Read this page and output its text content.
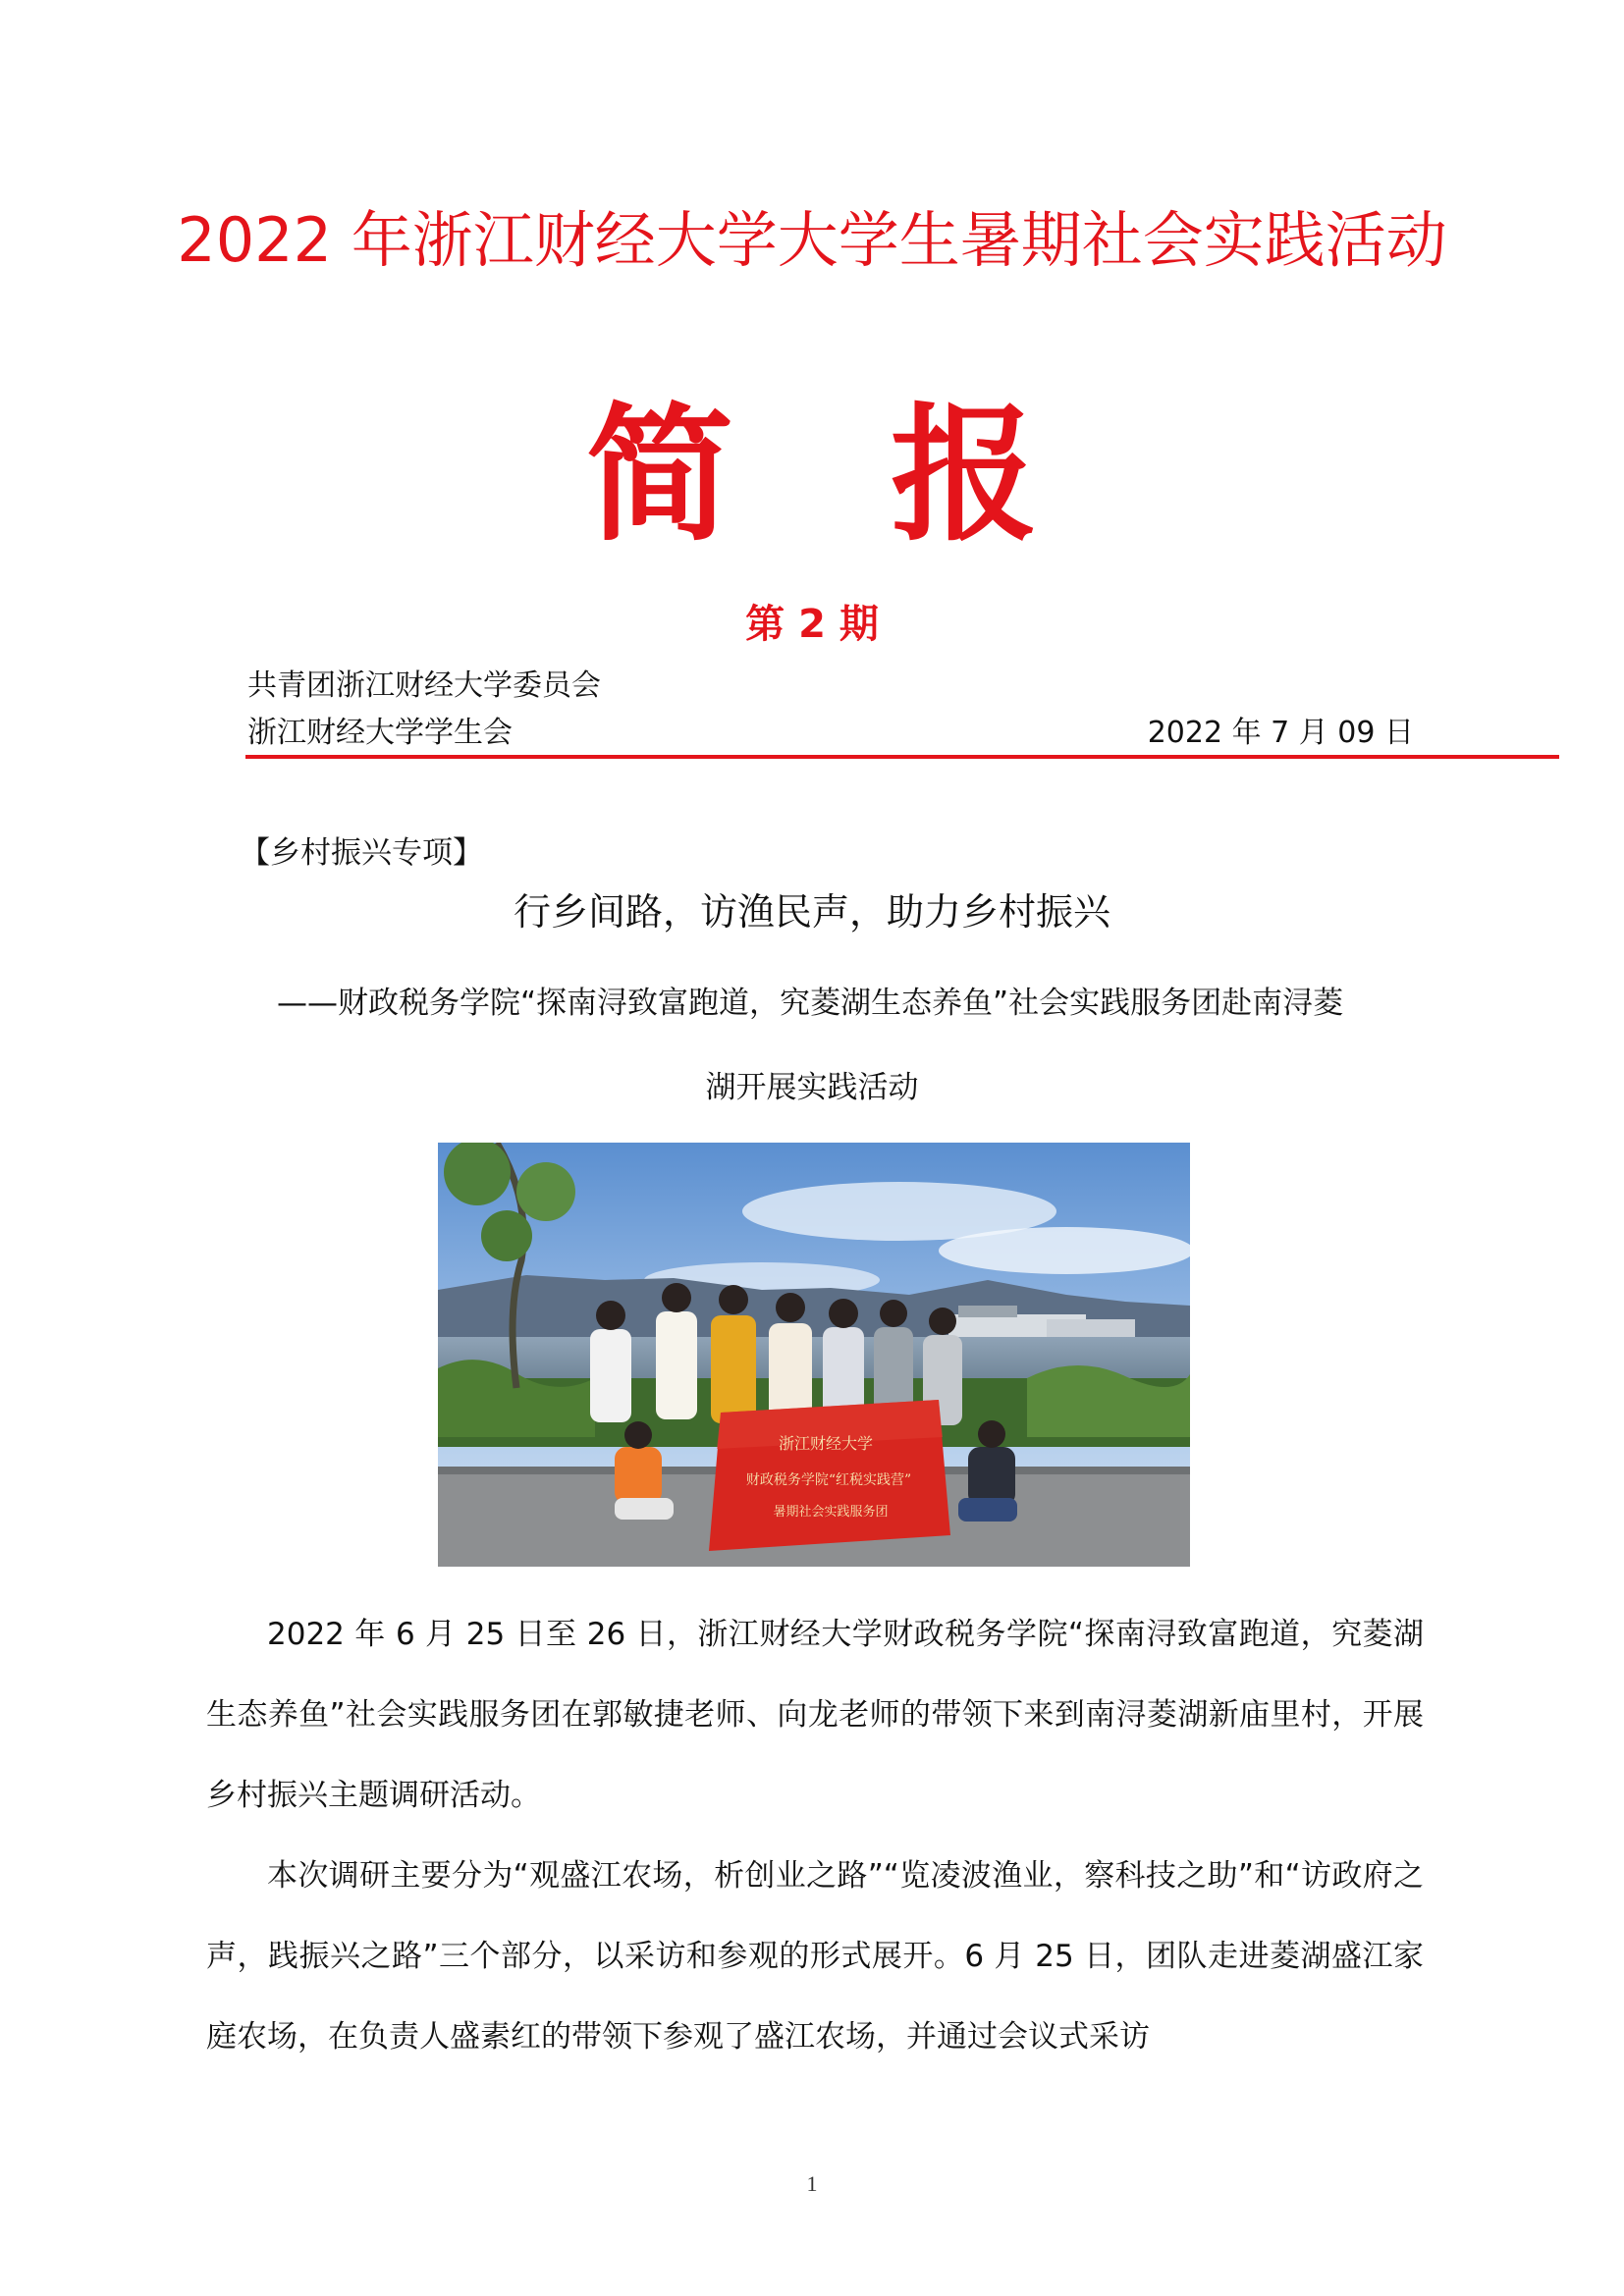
2022 年浙江财经大学大学生暑期社会实践活动
简 报
第 2 期
共青团浙江财经大学委员会
浙江财经大学学生会	2022 年 7 月 09 日
【乡村振兴专项】
行乡间路，访渔民声，助力乡村振兴
——财政税务学院“探南浔致富跑道，究菱湖生态养鱼”社会实践服务团赴南浔菱
湖开展实践活动
浙江财经大学
财政税务学院“红税实践营”
暑期社会实践服务团

2022 年 6 月 25 日至 26 日，浙江财经大学财政税务学院“探南浔致富跑道，究菱湖生态养鱼”社会实践服务团在郭敏捷老师、向龙老师的带领下来到南浔菱湖新庙里村，开展乡村振兴主题调研活动。

本次调研主要分为“观盛江农场，析创业之路”“览凌波渔业，察科技之助”和“访政府之声，践振兴之路”三个部分，以采访和参观的形式展开。6 月 25 日，团队走进菱湖盛江家庭农场，在负责人盛素红的带领下参观了盛江农场，并通过会议式采访

1
